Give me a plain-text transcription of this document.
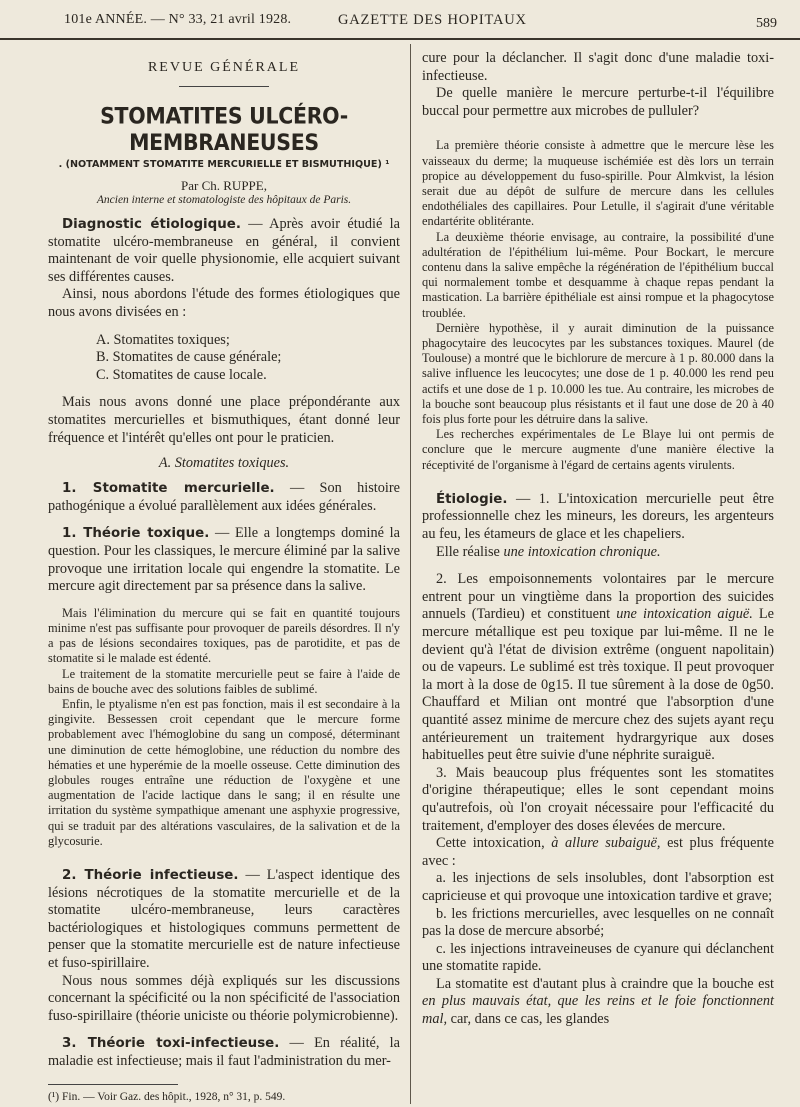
101e ANNÉE. — N° 33, 21 avril 1928.	GAZETTE DES HOPITAUX	589
REVUE GÉNÉRALE
STOMATITES ULCÉRO-MEMBRANEUSES
. (NOTAMMENT STOMATITE MERCURIELLE ET BISMUTHIQUE) ¹
Par Ch. RUPPE,
Ancien interne et stomatologiste des hôpitaux de Paris.

Diagnostic étiologique. — Après avoir étudié la stomatite ulcéro-membraneuse en général, il convient maintenant de voir quelle physionomie, elle acquiert suivant ses différentes causes.

Ainsi, nous abordons l'étude des formes étiologiques que nous avons divisées en :

A. Stomatites toxiques;

B. Stomatites de cause générale;

C. Stomatites de cause locale.

Mais nous avons donné une place prépondérante aux stomatites mercurielles et bismuthiques, étant donné leur fréquence et l'intérêt qu'elles ont pour le praticien.

A. Stomatites toxiques.

1. Stomatite mercurielle. — Son histoire pathogénique a évolué parallèlement aux idées générales.

1. Théorie toxique. — Elle a longtemps dominé la question. Pour les classiques, le mercure éliminé par la salive provoque une irritation locale qui engendre la stomatite. Le mercure agit directement par sa présence dans la salive.

Mais l'élimination du mercure qui se fait en quantité toujours minime n'est pas suffisante pour provoquer de pareils désordres. Il n'y a pas de lésions secondaires toxiques, pas de parotidite, et pas de stomatite si le malade est édenté.

Le traitement de la stomatite mercurielle peut se faire à l'aide de bains de bouche avec des solutions faibles de sublimé.

Enfin, le ptyalisme n'en est pas fonction, mais il est secondaire à la gingivite. Bessessen croit cependant que le mercure forme probablement avec l'hémoglobine du sang un composé, déterminant une diminution de cette hémoglobine, une réduction du nombre des hématies et une hyperémie de la moelle osseuse. Cette diminution des globules rouges entraîne une réduction de l'oxygène et une augmentation de l'acide lactique dans le sang; il en résulte une irritation du système sympathique amenant une asphyxie progressive, qui se traduit par des altérations vasculaires, de la salivation et de la glycosurie.

2. Théorie infectieuse. — L'aspect identique des lésions nécrotiques de la stomatite mercurielle et de la stomatite ulcéro-membraneuse, leurs caractères bactériologiques et histologiques communs permettent de penser que la stomatite mercurielle est de nature infectieuse et fuso-spirillaire.

Nous nous sommes déjà expliqués sur les discussions concernant la spécificité ou la non spécificité de l'association fuso-spirillaire (théorie uniciste ou théorie polymicrobienne).

3. Théorie toxi-infectieuse. — En réalité, la maladie est infectieuse; mais il faut l'administration du mer-

(¹) Fin. — Voir Gaz. des hôpit., 1928, n° 31, p. 549.

cure pour la déclancher. Il s'agit donc d'une maladie toxi-infectieuse.

De quelle manière le mercure perturbe-t-il l'équilibre buccal pour permettre aux microbes de pulluler?

La première théorie consiste à admettre que le mercure lèse les vaisseaux du derme; la muqueuse ischémiée est dès lors un terrain propice au développement du fuso-spirille. Pour Almkvist, la lésion serait due au dépôt de sulfure de mercure dans les cellules endothéliales des capillaires. Pour Letulle, il s'agirait d'une véritable endartérite oblitérante.

La deuxième théorie envisage, au contraire, la possibilité d'une adultération de l'épithélium lui-même. Pour Bockart, le mercure contenu dans la salive empêche la régénération de l'épithélium buccal qui normalement tombe et desquamme à chaque repas pendant la mastication. La barrière épithéliale est ainsi rompue et la phagocytose troublée.

Dernière hypothèse, il y aurait diminution de la puissance phagocytaire des leucocytes par les substances toxiques. Maurel (de Toulouse) a montré que le bichlorure de mercure à 1 p. 80.000 dans la salive influence les leucocytes; une dose de 1 p. 40.000 les rend peu actifs et une dose de 1 p. 10.000 les tue. Au contraire, les microbes de la bouche sont beaucoup plus résistants et il faut une dose de 20 à 40 fois plus forte pour les détruire dans la salive.

Les recherches expérimentales de Le Blaye lui ont permis de conclure que le mercure augmente d'une manière élective la réceptivité de l'organisme à l'égard de certains agents virulents.

Étiologie. — 1. L'intoxication mercurielle peut être professionnelle chez les mineurs, les doreurs, les argenteurs au feu, les étameurs de glace et les chapeliers.

Elle réalise une intoxication chronique.

2. Les empoisonnements volontaires par le mercure entrent pour un vingtième dans la proportion des suicides annuels (Tardieu) et constituent une intoxication aiguë. Le mercure métallique est peu toxique par lui-même. Il ne le devient qu'à l'état de division extrême (onguent napolitain) ou de vapeurs. Le sublimé est très toxique. Il peut provoquer la mort à la dose de 0g15. Il tue sûrement à la dose de 0g50. Chauffard et Milian ont montré que l'absorption d'une quantité assez minime de mercure chez des sujets ayant reçu antérieurement un traitement hydrargyrique aux doses habituelles peut être suivie d'une néphrite suraiguë.

3. Mais beaucoup plus fréquentes sont les stomatites d'origine thérapeutique; elles le sont cependant moins qu'autrefois, où l'on croyait nécessaire pour l'efficacité du traitement, d'employer des doses élevées de mercure.

Cette intoxication, à allure subaiguë, est plus fréquente avec :

a. les injections de sels insolubles, dont l'absorption est capricieuse et qui provoque une intoxication tardive et grave;

b. les frictions mercurielles, avec lesquelles on ne connaît pas la dose de mercure absorbé;

c. les injections intraveineuses de cyanure qui déclanchent une stomatite rapide.

La stomatite est d'autant plus à craindre que la bouche est en plus mauvais état, que les reins et le foie fonctionnent mal, car, dans ce cas, les glandes
